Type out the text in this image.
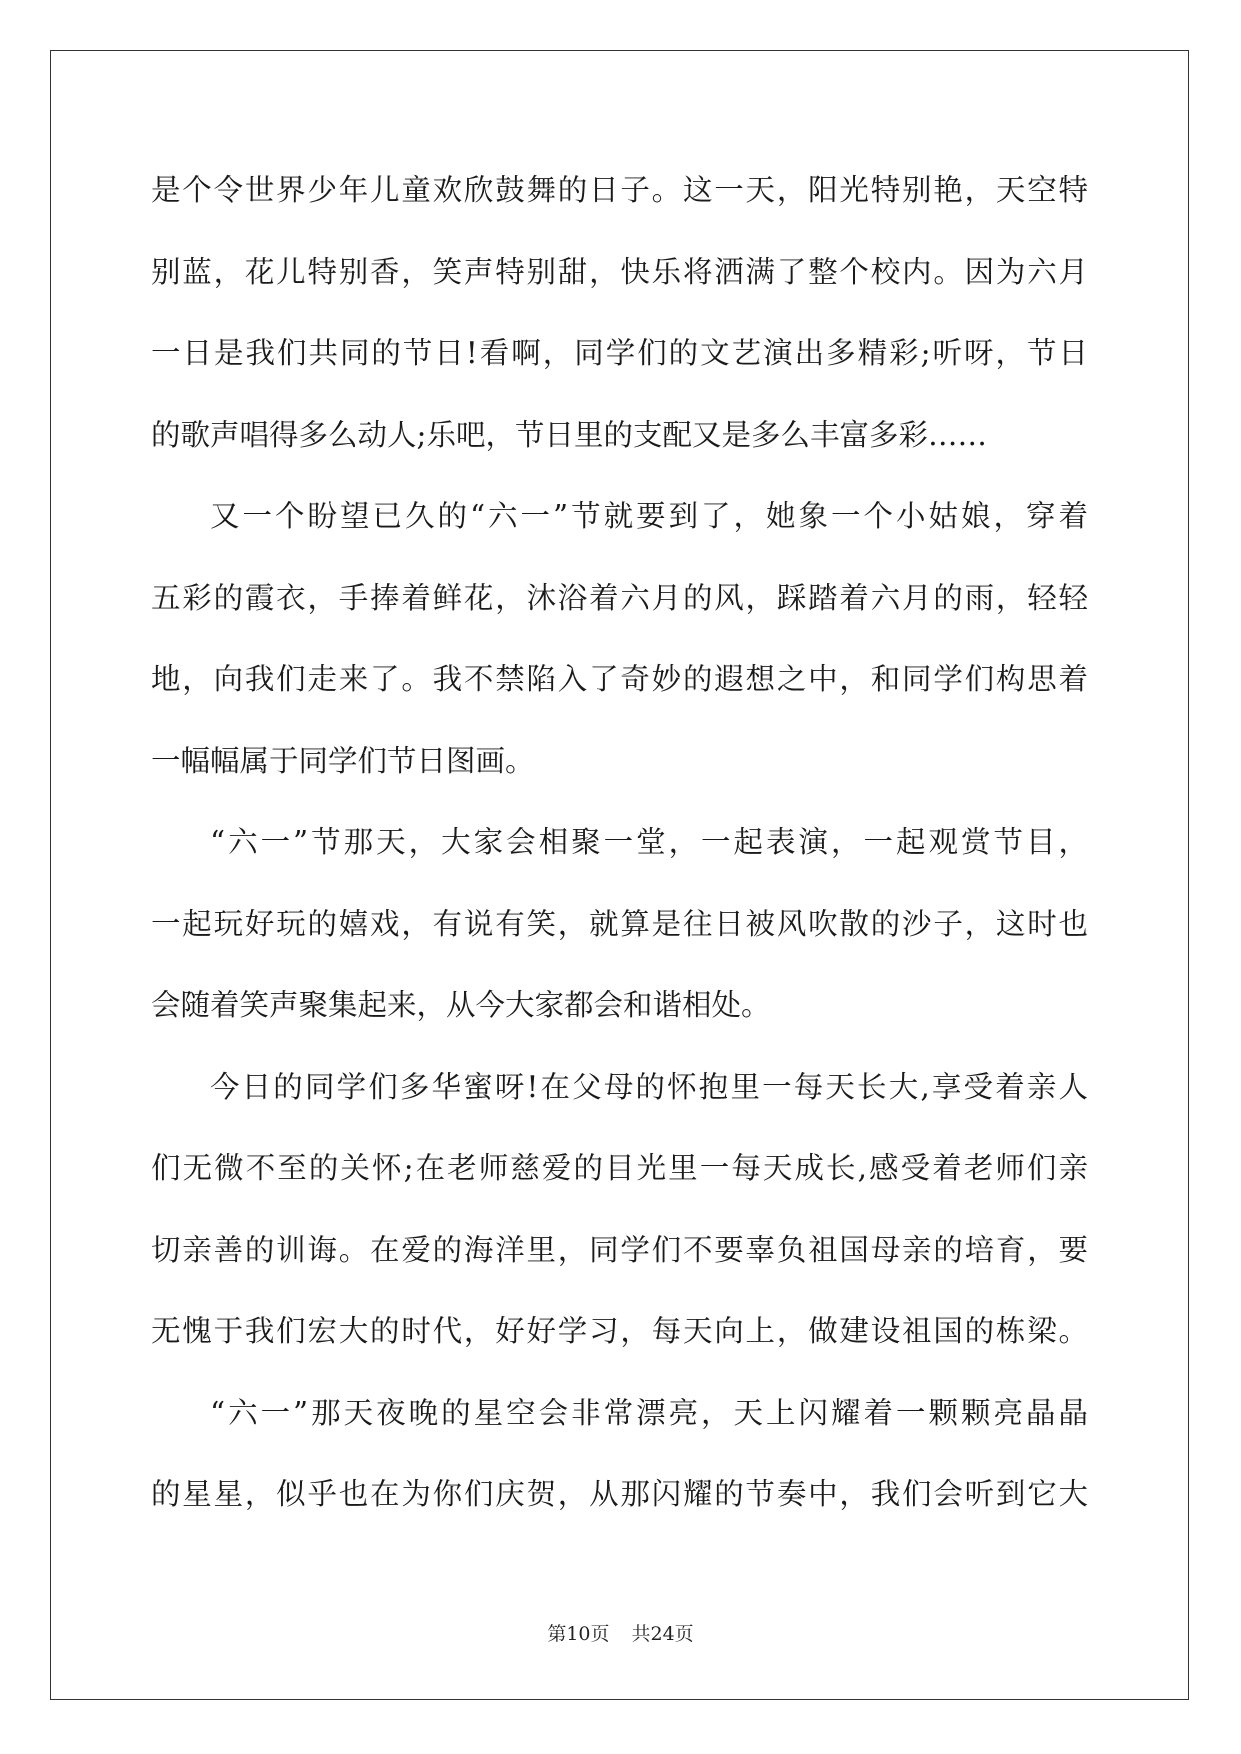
是个令世界少年儿童欢欣鼓舞的日子。这一天，阳光特别艳，天空特
别蓝，花儿特别香，笑声特别甜，快乐将洒满了整个校内。因为六月
一日是我们共同的节日!看啊，同学们的文艺演出多精彩;听呀，节日
的歌声唱得多么动人;乐吧，节日里的支配又是多么丰富多彩……
又一个盼望已久的“六一”节就要到了，她象一个小姑娘，穿着
五彩的霞衣，手捧着鲜花，沐浴着六月的风，踩踏着六月的雨，轻轻
地，向我们走来了。我不禁陷入了奇妙的遐想之中，和同学们构思着
一幅幅属于同学们节日图画。
“六一”节那天，大家会相聚一堂，一起表演，一起观赏节目，
一起玩好玩的嬉戏，有说有笑，就算是往日被风吹散的沙子，这时也
会随着笑声聚集起来，从今大家都会和谐相处。
今日的同学们多华蜜呀!在父母的怀抱里一每天长大,享受着亲人
们无微不至的关怀;在老师慈爱的目光里一每天成长,感受着老师们亲
切亲善的训诲。在爱的海洋里，同学们不要辜负祖国母亲的培育，要
无愧于我们宏大的时代，好好学习，每天向上，做建设祖国的栋梁。
“六一”那天夜晚的星空会非常漂亮，天上闪耀着一颗颗亮晶晶
的星星，似乎也在为你们庆贺，从那闪耀的节奏中，我们会听到它大
第10页 共24页
